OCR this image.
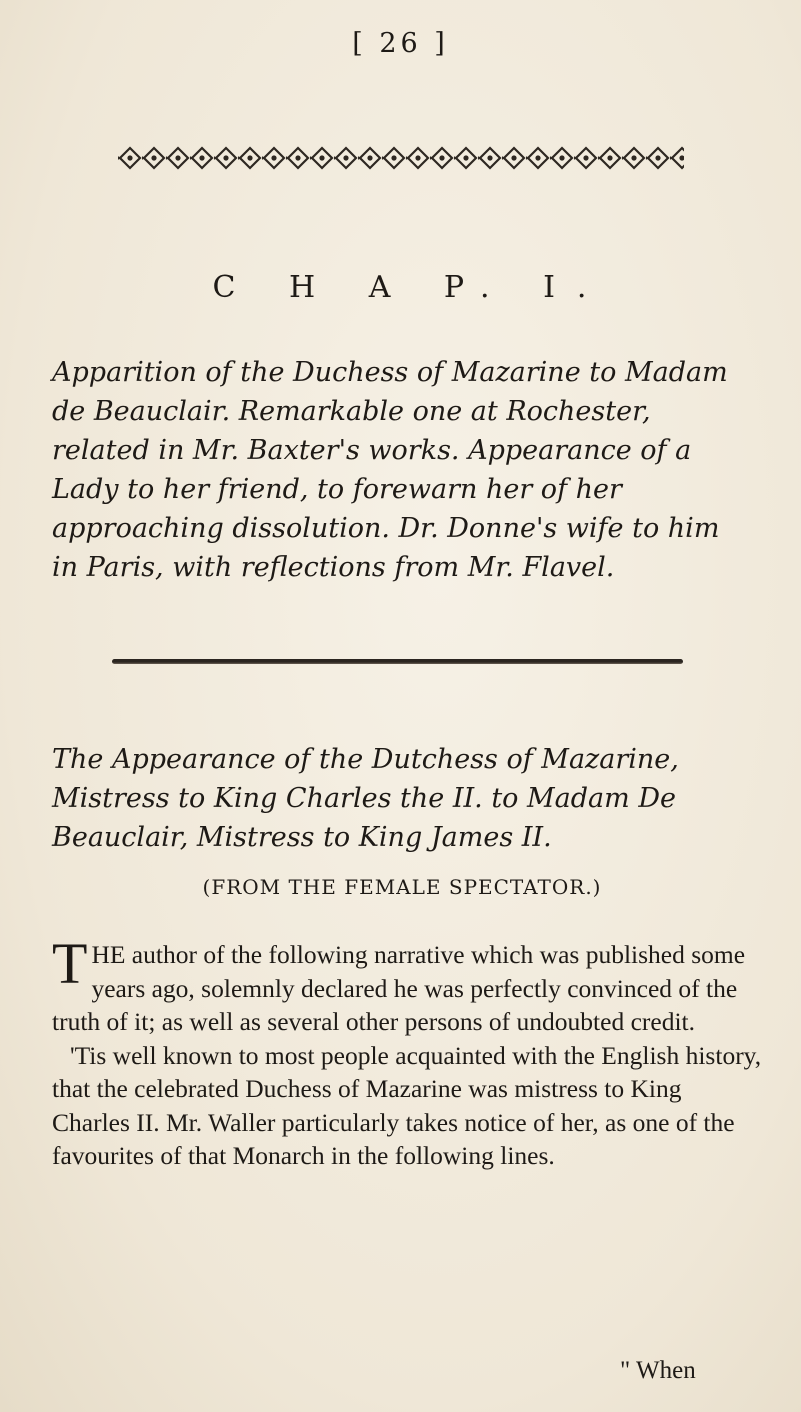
[ 26 ]
C H A P. I.
Apparition of the Duchess of Mazarine to Madam de Beauclair. Remarkable one at Rochester, related in Mr. Baxter's works. Appearance of a Lady to her friend, to forewarn her of her approaching dissolution. Dr. Donne's wife to him in Paris, with reflections from Mr. Flavel.
The Appearance of the Dutchess of Mazarine, Mistress to King Charles the II. to Madam De Beauclair, Mistress to King James II.
(FROM THE FEMALE SPECTATOR.)

THE author of the following narrative which was published some years ago, solemnly declared he was perfectly convinced of the truth of it; as well as several other persons of undoubted credit.

'Tis well known to most people acquainted with the English history, that the celebrated Duchess of Mazarine was mistress to King Charles II. Mr. Waller particularly takes notice of her, as one of the favourites of that Monarch in the following lines.

" When
